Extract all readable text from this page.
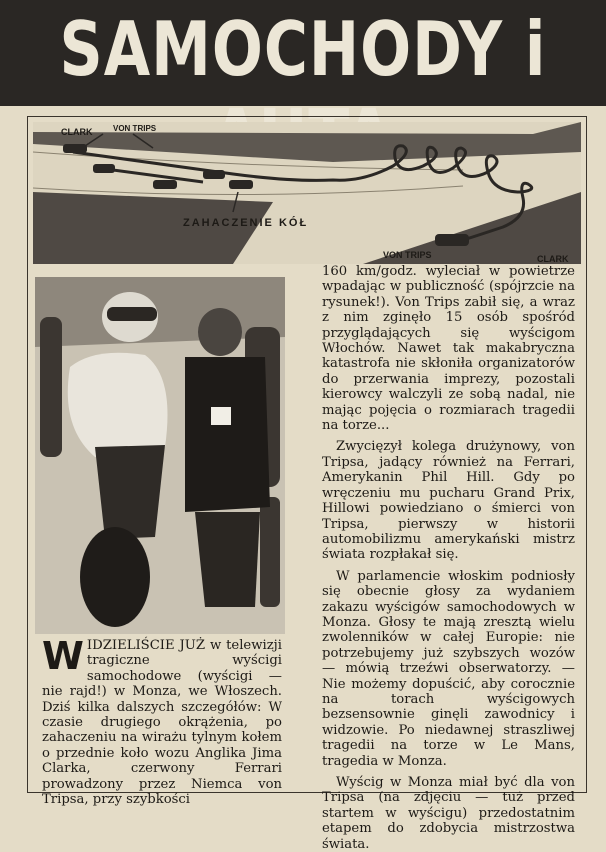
SAMOCHODY i
CLARK	VON TRIPS
ZAHACZENIE KÓŁ
VON TRIPS	CLARK

160 km/godz. wyleciał w powietrze wpadając w publiczność (spójrzcie na rysunek!). Von Trips zabił się, a wraz z nim zginęło 15 osób spośród przyglądających się wyścigom Włochów. Nawet tak makabryczna katastrofa nie skłoniła organizatorów do przerwania imprezy, pozostali kierowcy walczyli ze sobą nadal, nie mając pojęcia o rozmiarach tragedii na torze...

Zwycięzył kolega drużynowy, von Tripsa, jadący również na Ferrari, Amerykanin Phil Hill. Gdy po wręczeniu mu pucharu Grand Prix, Hillowi powiedziano o śmierci von Tripsa, pierwszy w historii automobilizmu amerykański mistrz świata rozpłakał się.

W parlamencie włoskim podniosły się obecnie głosy za wydaniem zakazu wyścigów samochodowych w Monza. Głosy te mają zresztą wielu zwolenników w całej Europie: nie potrzebujemy już szybszych wozów — mówią trzeźwi obserwatorzy. — Nie możemy dopuścić, aby corocznie na torach wyścigowych bezsensownie ginęli zawodnicy i widzowie. Po niedawnej straszliwej tragedii na torze w Le Mans, tragedia w Monza.

Wyścig w Monza miał być dla von Tripsa (na zdjęciu — tuż przed startem w wyścigu) przedostatnim etapem do zdobycia mistrzostwa świata.

WIDZIELIŚCIE JUŻ w telewizji tragiczne wyścigi samochodowe (wyścigi — nie rajd!) w Monza, we Włoszech. Dziś kilka dalszych szczegółów: W czasie drugiego okrążenia, po zahaczeniu na wirażu tylnym kołem o przednie koło wozu Anglika Jima Clarka, czerwony Ferrari prowadzony przez Niemca von Tripsa, przy szybkości
